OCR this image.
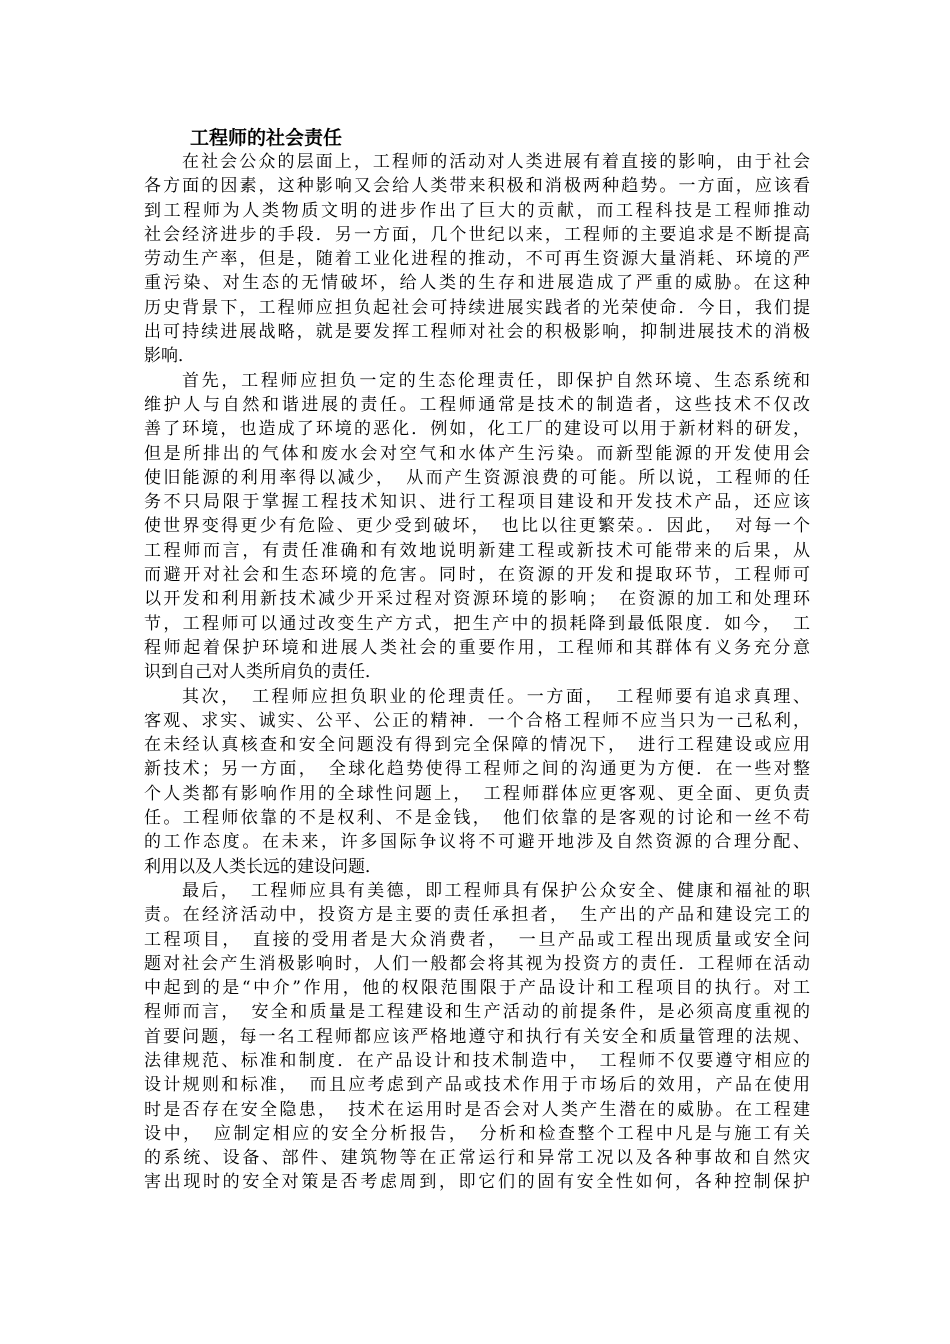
工程师的社会责任
在社会公众的层面上，工程师的活动对人类进展有着直接的影响，由于社会
各方面的因素，这种影响又会给人类带来积极和消极两种趋势。一方面，应该看
到工程师为人类物质文明的进步作出了巨大的贡献，而工程科技是工程师推动
社会经济进步的手段．另一方面，几个世纪以来，工程师的主要追求是不断提高
劳动生产率，但是，随着工业化进程的推动，不可再生资源大量消耗、环境的严
重污染、对生态的无情破坏，给人类的生存和进展造成了严重的威胁。在这种
历史背景下，工程师应担负起社会可持续进展实践者的光荣使命．今日，我们提
出可持续进展战略，就是要发挥工程师对社会的积极影响，抑制进展技术的消极
影响．
首先，工程师应担负一定的生态伦理责任，即保护自然环境、生态系统和
维护人与自然和谐进展的责任。工程师通常是技术的制造者，这些技术不仅改
善了环境，也造成了环境的恶化．例如，化工厂的建设可以用于新材料的研发，
但是所排出的气体和废水会对空气和水体产生污染。而新型能源的开发使用会
使旧能源的利用率得以减少，　从而产生资源浪费的可能。所以说，工程师的任
务不只局限于掌握工程技术知识、进行工程项目建设和开发技术产品，还应该
使世界变得更少有危险、更少受到破坏，　也比以往更繁荣。．因此，　对每一个
工程师而言，有责任准确和有效地说明新建工程或新技术可能带来的后果，从
而避开对社会和生态环境的危害。同时，在资源的开发和提取环节，工程师可
以开发和利用新技术减少开采过程对资源环境的影响；　在资源的加工和处理环
节，工程师可以通过改变生产方式，把生产中的损耗降到最低限度．如今，　工
程师起着保护环境和进展人类社会的重要作用，工程师和其群体有义务充分意
识到自己对人类所肩负的责任．
其次，　工程师应担负职业的伦理责任。一方面，　工程师要有追求真理、
客观、求实、诚实、公平、公正的精神．一个合格工程师不应当只为一己私利，
在未经认真核查和安全问题没有得到完全保障的情况下，　进行工程建设或应用
新技术；另一方面，　全球化趋势使得工程师之间的沟通更为方便．在一些对整
个人类都有影响作用的全球性问题上，　工程师群体应更客观、更全面、更负责
任。工程师依靠的不是权利、不是金钱，　他们依靠的是客观的讨论和一丝不苟
的工作态度。在未来，许多国际争议将不可避开地涉及自然资源的合理分配、
利用以及人类长远的建设问题．
最后，　工程师应具有美德，即工程师具有保护公众安全、健康和福祉的职
责。在经济活动中，投资方是主要的责任承担者，　生产出的产品和建设完工的
工程项目，　直接的受用者是大众消费者，　一旦产品或工程出现质量或安全问
题对社会产生消极影响时，人们一般都会将其视为投资方的责任．工程师在活动
中起到的是“中介”作用，他的权限范围限于产品设计和工程项目的执行。对工
程师而言，　安全和质量是工程建设和生产活动的前提条件，是必须高度重视的
首要问题，每一名工程师都应该严格地遵守和执行有关安全和质量管理的法规、
法律规范、标准和制度．在产品设计和技术制造中，　工程师不仅要遵守相应的
设计规则和标准，　而且应考虑到产品或技术作用于市场后的效用，产品在使用
时是否存在安全隐患，　技术在运用时是否会对人类产生潜在的威胁。在工程建
设中，　应制定相应的安全分析报告，　分析和检查整个工程中凡是与施工有关
的系统、设备、部件、建筑物等在正常运行和异常工况以及各种事故和自然灾
害出现时的安全对策是否考虑周到，即它们的固有安全性如何，各种控制保护
